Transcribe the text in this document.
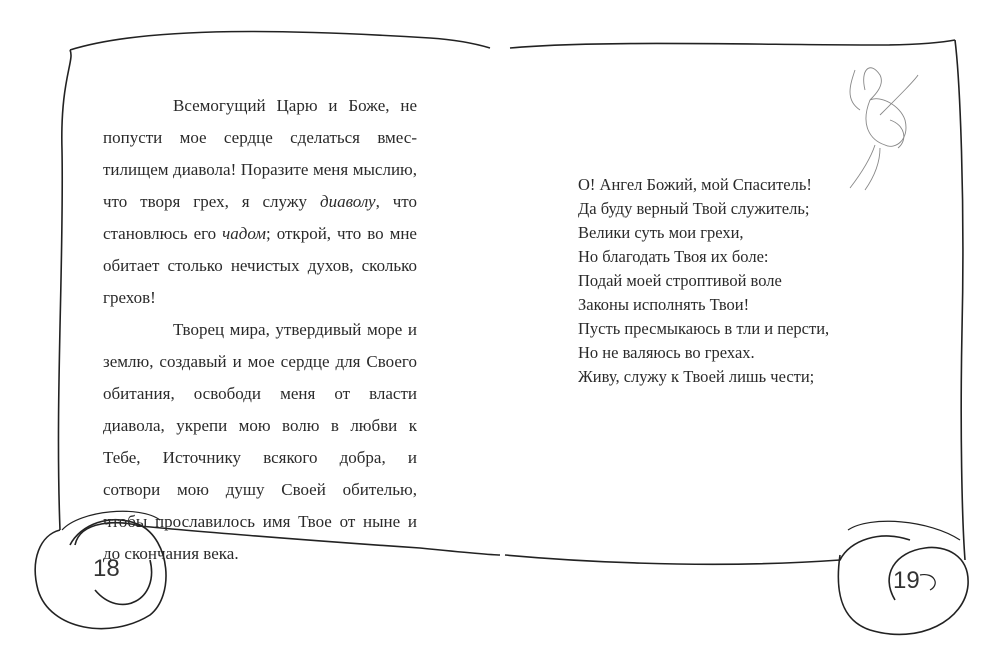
Всемогущий Царю и Боже, не
попусти мое сердце сделаться вмес-
тилищем диавола! Поразите меня мыслию,
что творя грех, я служу диаволу, что
становлюсь его чадом; открой, что во мне
обитает столько нечистых духов, сколько
грехов!
Творец мира, утвердивый море и
землю, создавый и мое сердце для Своего
обитания, освободи меня от власти
диавола, укрепи мою волю в любви к
Тебе, Источнику всякого добра, и
сотвори мою душу Своей обителью,
чтобы прославилось имя Твое от ныне и
до скончания века.
18
О! Ангел Божий, мой Спаситель!
Да буду верный Твой служитель;
Велики суть мои грехи,
Но благодать Твоя их боле:
Подай моей строптивой воле
Законы исполнять Твои!
Пусть пресмыкаюсь в тли и персти,
Но не валяюсь во грехах.
Живу, служу к Твоей лишь чести;
19
